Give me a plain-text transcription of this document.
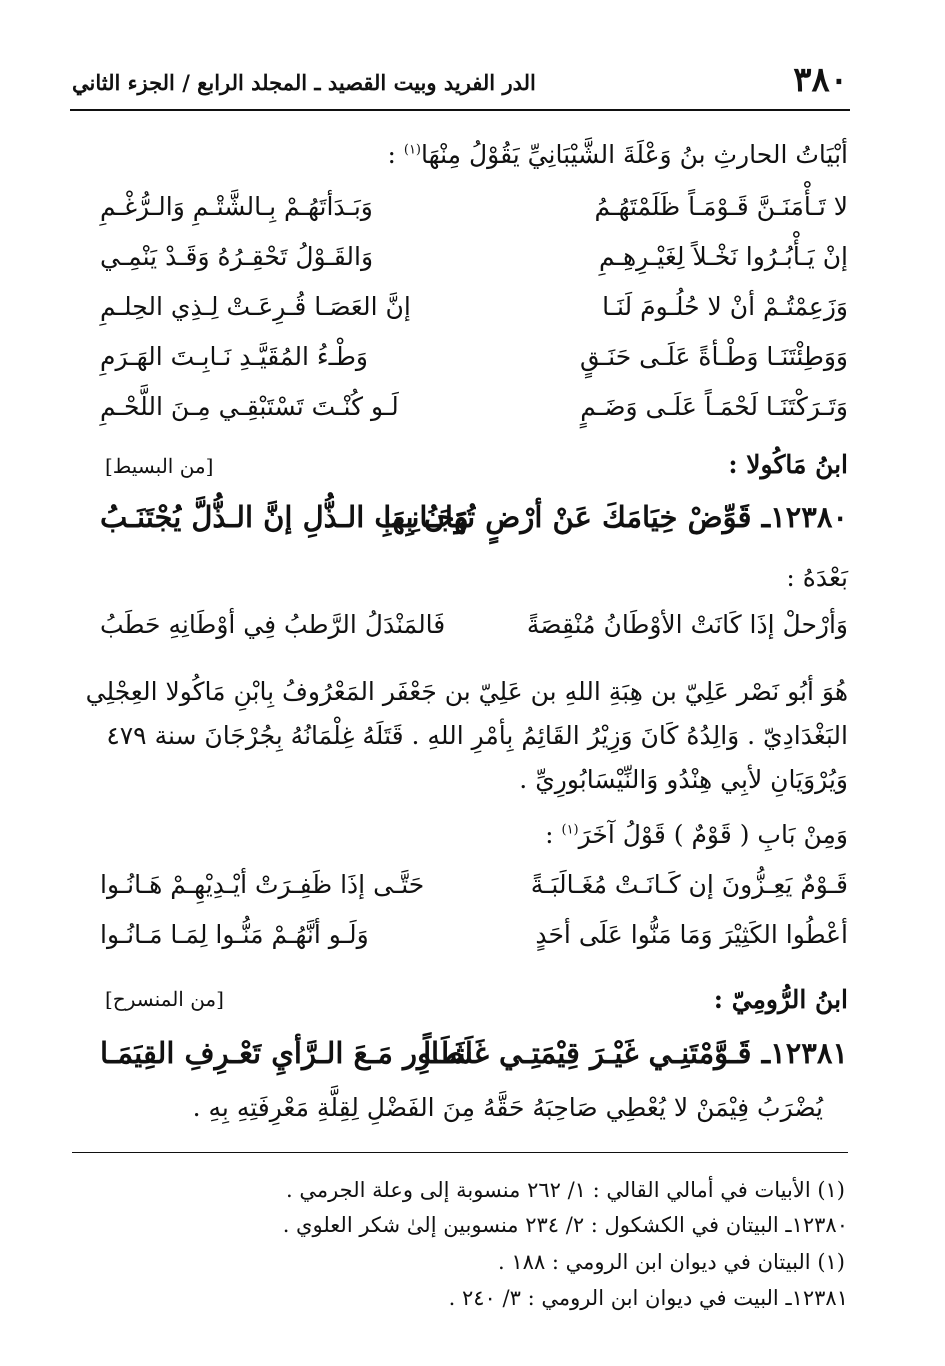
٣٨٠
الدر الفريد وبيت القصيد ـ المجلد الرابع / الجزء الثاني
أبْيَاتُ الحارثِ بنُ وَعْلَةَ الشَّيْبَانِيِّ يَقُوْلُ مِنْهَا$^{(١)}$ :
لا تَـأْمَنَـنَّ قَـوْمَـاً ظَلَمْتَهُـمُ
وَبَـدَأتَهُـمْ بِـالشَّتْـمِ وَالـرُّغْـمِ
إنْ يَـأْبُـرُوا نَخْـلاً لِغَيْـرِهِـمِ
وَالقَـوْلُ تَحْقِـرُهُ وَقَـدْ يَنْمِـي
وَزَعِمْتُـمْ أنْ لا حُلُـومَ لَنَـا
إنَّ العَصَـا قُـرِعَـتْ لِـذِي الحِلـمِ
وَوَطِئْتَنَـا وَطْـأةً عَلَـى حَنَـقٍ
وَطْـءُ المُقَيَّـدِ نَـابِـتَ الهَـرَمِ
وَتَـرَكْتَنَـا لَحْمَـاً عَلَـى وَضَـمٍ
لَـو كُنْـتَ تَسْتَبْقِـي مِـنَ اللَّحْـمِ
ابنُ مَاكُولا :
[من البسيط]
١٢٣٨٠ـ قَوِّضْ خِيَامَكَ عَنْ أرْضٍ تُهَانُ بِهَا
وَجَـانِـبِ الـذُّلِ إنَّ الـذُّلَّ يُجْتَنَـبُ
بَعْدَهُ :
وَأرْحلْ إذَا كَانَتْ الأوْطَانُ مُنْقِصَةً
فَالمَنْدَلُ الرَّطبُ فِي أوْطَانِهِ حَطَبُ
هُوَ أبُو نَصْر عَلِيّ بن هِبَةِ اللهِ بن عَلِيّ بن جَعْفَر المَعْرُوفُ بِابْنِ مَاكُولا العِجْلِي البَغْدَادِيّ . وَالِدُهُ كَانَ وَزِيْرُ القَائِمُ بِأمْرِ اللهِ . قَتَلَهُ غِلْمَانُهُ بِجُرْجَانَ سنة ٤٧٩ وَيُرْوَيَانِ لأبِي هِنْدُو وَالنِّيْسَابُورِيِّ .
وَمِنْ بَابِ ( قَوْمٌ ) قَوْلُ آخَرَ$^{(١)}$ :
قَـوْمٌ يَعِـزُّونَ إن كَـانَـتْ مُغَـالَبَـةً
حَتَّـى إذَا ظَفِـرَتْ أيْـدِيْهِـمْ هَـانُـوا
أعْطُوا الكَثِيْرَ وَمَا مَنُّوا عَلَى أحَدٍ
وَلَـو أنَّهُـمْ مَنُّـوا لِمَـا مَـانُـوا
ابنُ الرُّومِيّ :
[من المنسرح]
١٢٣٨١ـ قَـوَّمْتَنِـي غَيْـرَ قِيْمَتِـي غَلَطَـاً
شَـاوِر مَـعَ الـرَّأيِ تَعْـرِفِ القِيَمَـا
يُضْرَبُ فِيْمَنْ لا يُعْطِي صَاحِبَهُ حَقَّهُ مِنَ الفَضْلِ لِقِلَّةِ مَعْرِفَتِهِ بِهِ .
(١) الأبيات في أمالي القالي : ١/ ٢٦٢ منسوبة إلى وعلة الجرمي .
١٢٣٨٠ـ البيتان في الكشكول : ٢/ ٢٣٤ منسوبين إلىٰ شكر العلوي .
(١) البيتان في ديوان ابن الرومي : ١٨٨ .
١٢٣٨١ـ البيت في ديوان ابن الرومي : ٣/ ٢٤٠ .
